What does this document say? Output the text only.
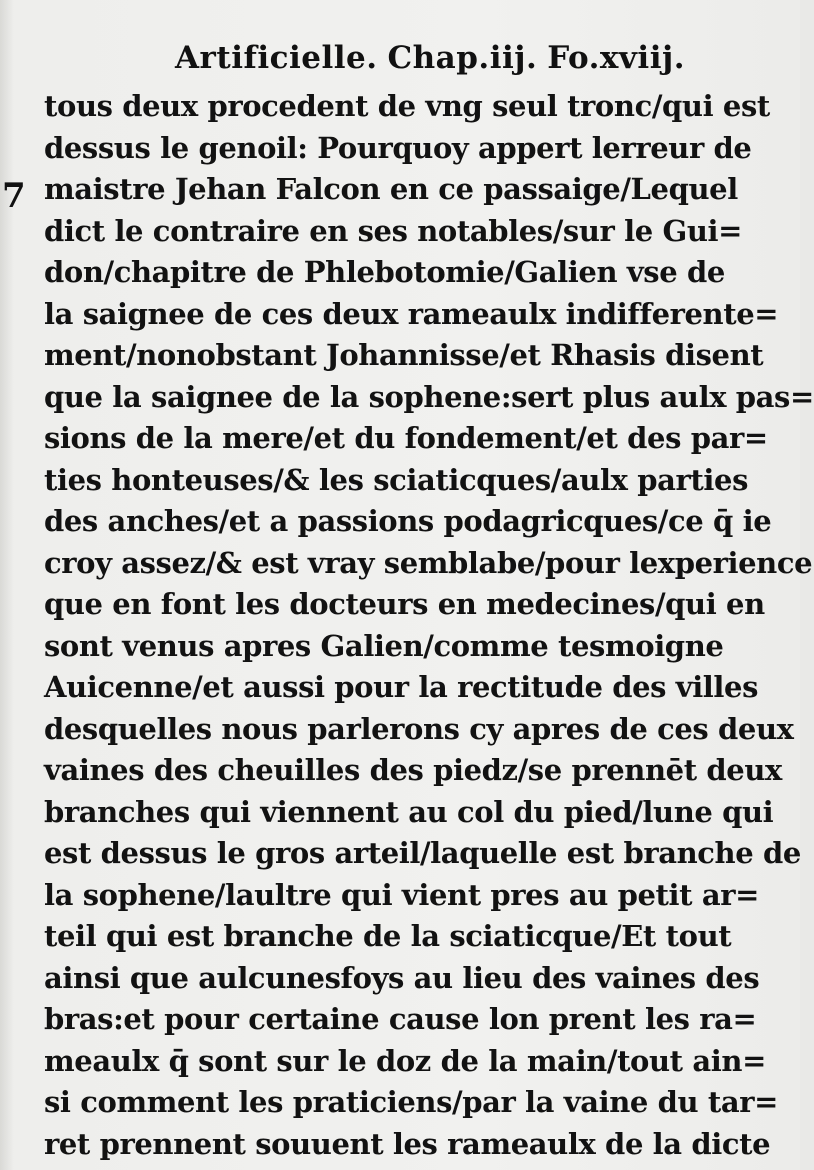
Artificielle. Chap.iij. Fo.xviij.
7
tous deux procedent de vng seul tronc/qui est
dessus le genoil: Pourquoy appert lerreur de
maistre Jehan Falcon en ce passaige/Lequel
dict le contraire en ses notables/sur le Gui=
don/chapitre de Phlebotomie/Galien vse de
la saignee de ces deux rameaulx indifferente=
ment/nonobstant Johannisse/et Rhasis disent
que la saignee de la sophene:sert plus aulx pas=
sions de la mere/et du fondement/et des par=
ties honteuses/& les sciaticques/aulx parties
des anches/et a passions podagricques/ce q̄ ie
croy assez/& est vray semblabe/pour lexperience
que en font les docteurs en medecines/qui en
sont venus apres Galien/comme tesmoigne
Auicenne/et aussi pour la rectitude des villes
desquelles nous parlerons cy apres de ces deux
vaines des cheuilles des piedz/se prennēt deux
branches qui viennent au col du pied/lune qui
est dessus le gros arteil/laquelle est branche de
la sophene/laultre qui vient pres au petit ar=
teil qui est branche de la sciaticque/Et tout
ainsi que aulcunesfoys au lieu des vaines des
bras:et pour certaine cause lon prent les ra=
meaulx q̄ sont sur le doz de la main/tout ain=
si comment les praticiens/par la vaine du tar=
ret prennent souuent les rameaulx de la dicte
